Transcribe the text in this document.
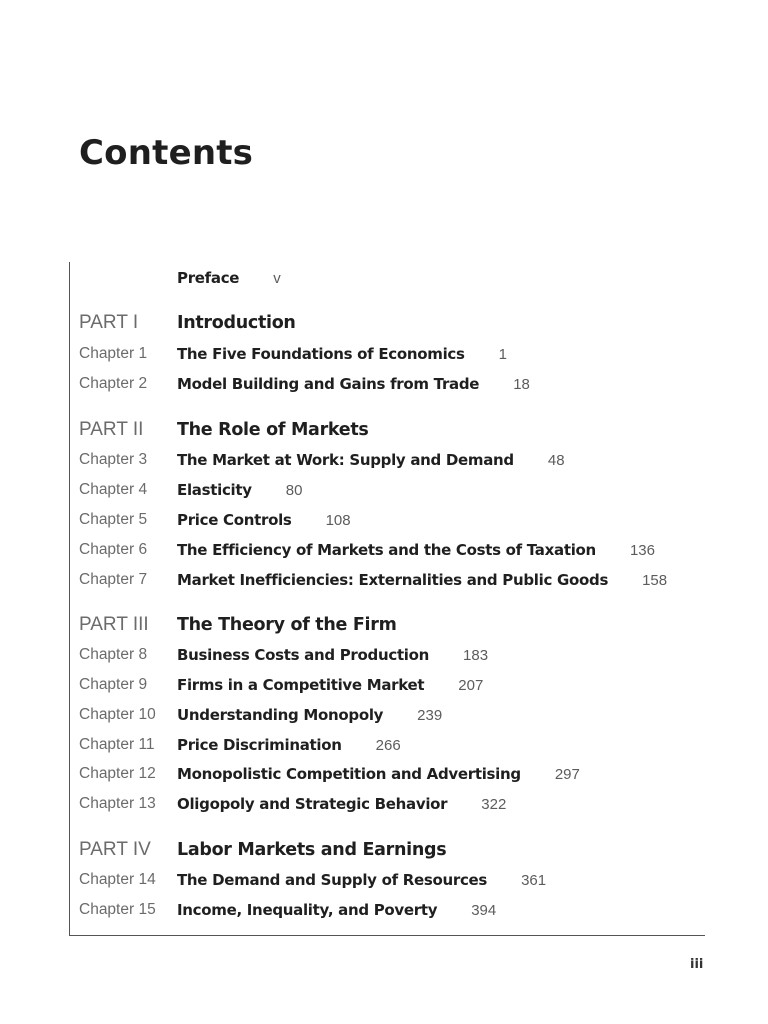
Contents
Preface v
PART I	Introduction
Chapter 1	The Five Foundations of Economics 1
Chapter 2	Model Building and Gains from Trade 18
PART II	The Role of Markets
Chapter 3	The Market at Work: Supply and Demand 48
Chapter 4	Elasticity 80
Chapter 5	Price Controls 108
Chapter 6	The Efficiency of Markets and the Costs of Taxation 136
Chapter 7	Market Inefficiencies: Externalities and Public Goods 158
PART III	The Theory of the Firm
Chapter 8	Business Costs and Production 183
Chapter 9	Firms in a Competitive Market 207
Chapter 10	Understanding Monopoly 239
Chapter 11	Price Discrimination 266
Chapter 12	Monopolistic Competition and Advertising 297
Chapter 13	Oligopoly and Strategic Behavior 322
PART IV	Labor Markets and Earnings
Chapter 14	The Demand and Supply of Resources 361
Chapter 15	Income, Inequality, and Poverty 394
iii
